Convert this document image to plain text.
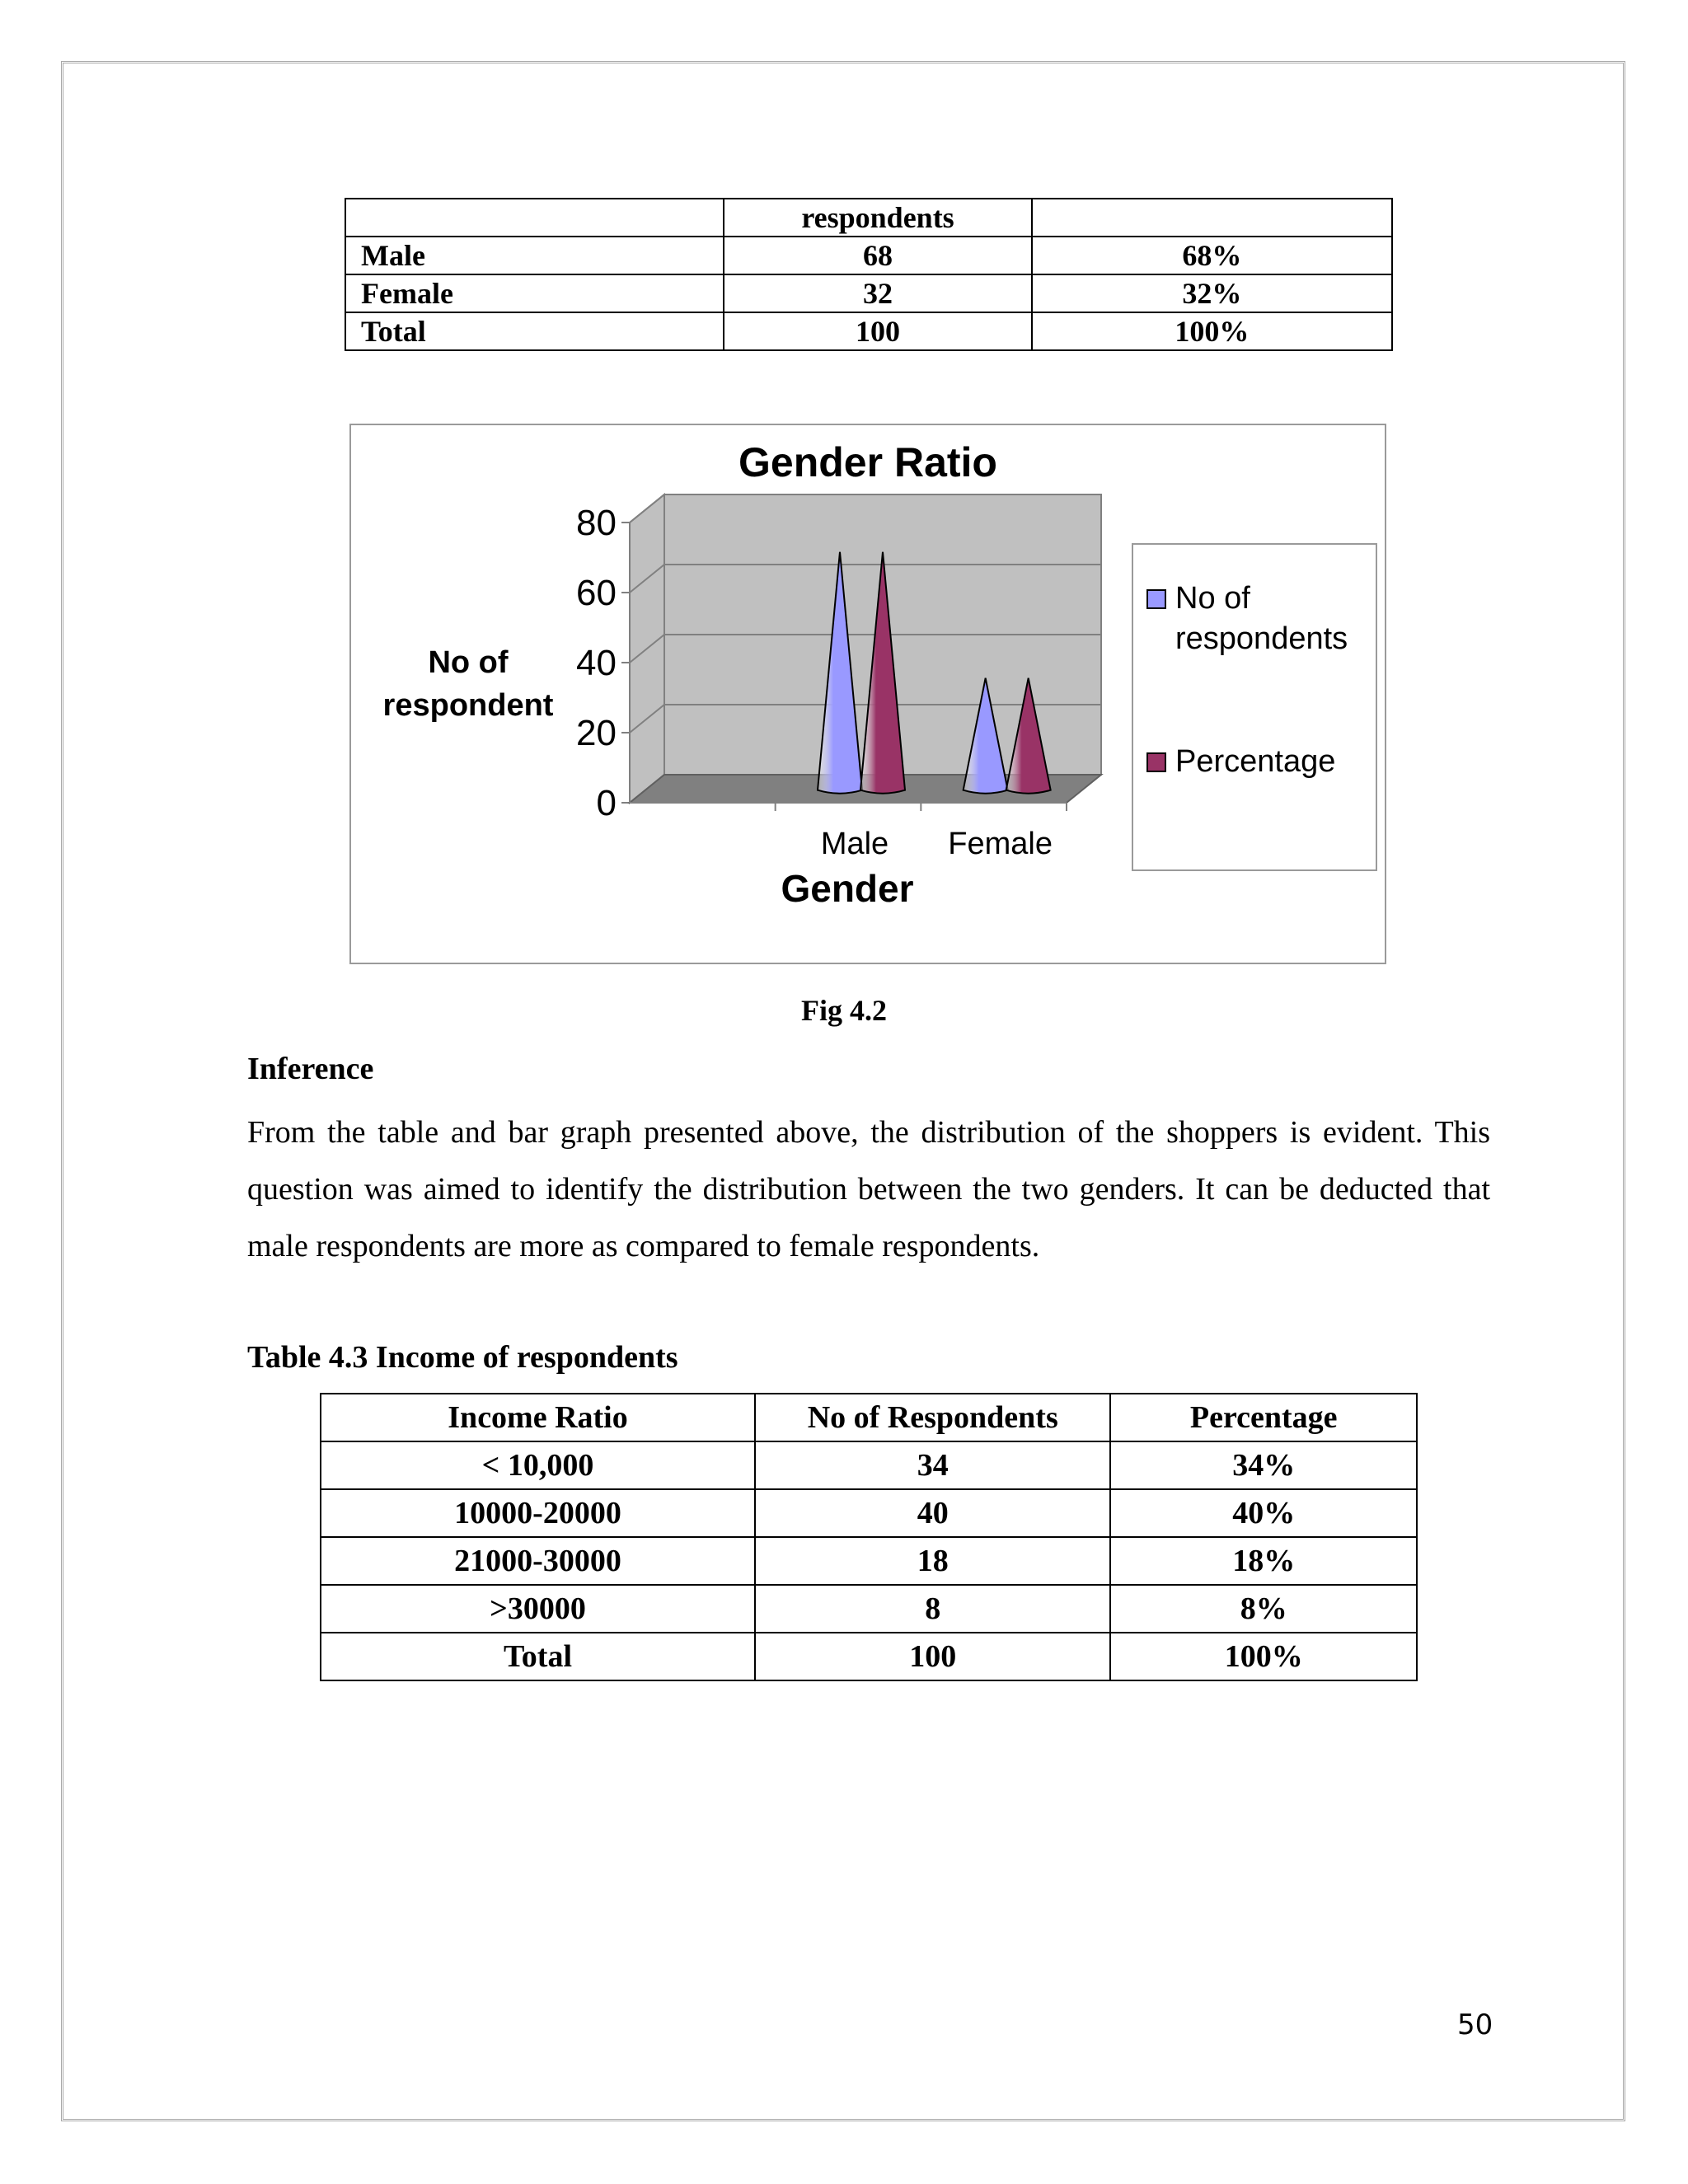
	respondents	
Male	68	68%
Female	32	32%
Total	100	100%
Gender Ratio
0
20
40
60
80
Male Female
No of
respondent
Gender
No of
respondents
Percentage
Fig 4.2
Inference
From the table and bar graph presented above, the distribution of the shoppers is evident. This question was aimed to identify the distribution between the two genders. It can be deducted that male respondents are more as compared to female respondents.
Table 4.3 Income of respondents
Income Ratio	No of Respondents	Percentage
< 10,000	34	34%
10000-20000	40	40%
21000-30000	18	18%
>30000	8	8%
Total	100	100%
50
